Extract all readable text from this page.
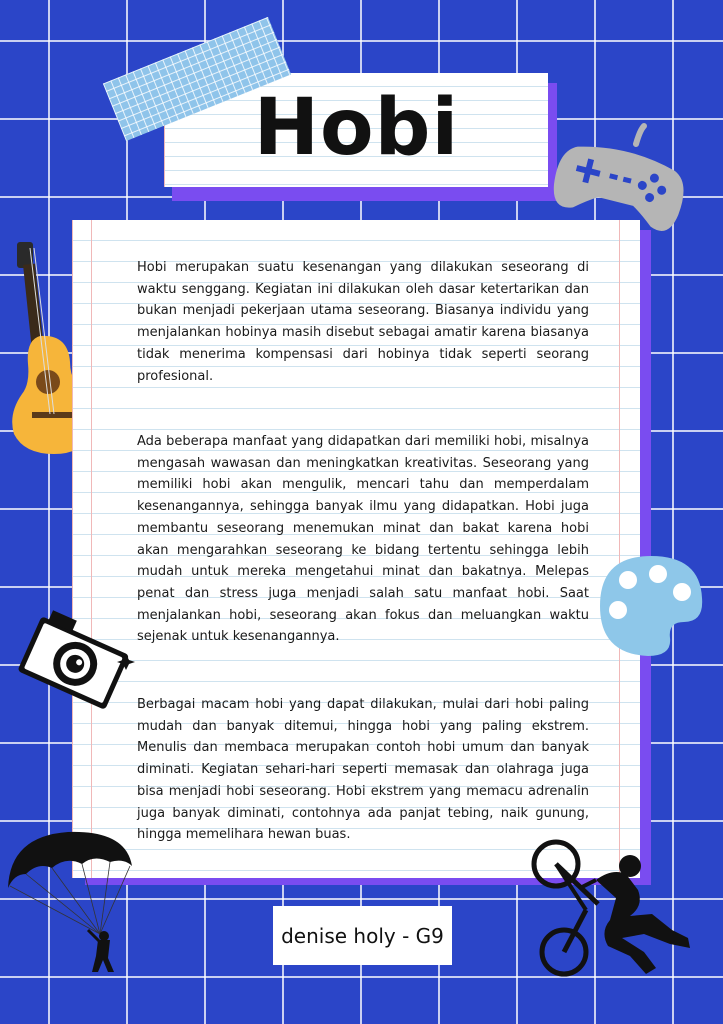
Hobi

Hobi merupakan suatu kesenangan yang dilakukan seseorang di waktu senggang. Kegiatan ini dilakukan oleh dasar ketertarikan dan bukan menjadi pekerjaan utama seseorang. Biasanya individu yang menjalankan hobinya masih disebut sebagai amatir karena biasanya tidak menerima kompensasi dari hobinya tidak seperti seorang profesional.

Ada beberapa manfaat yang didapatkan dari memiliki hobi, misalnya mengasah wawasan dan meningkatkan kreativitas. Seseorang yang memiliki hobi akan mengulik, mencari tahu dan memperdalam kesenangannya, sehingga banyak ilmu yang didapatkan. Hobi juga membantu seseorang menemukan minat dan bakat karena hobi akan mengarahkan seseorang ke bidang tertentu sehingga lebih mudah untuk mereka mengetahui minat dan bakatnya. Melepas penat dan stress juga menjadi salah satu manfaat hobi. Saat menjalankan hobi, seseorang akan fokus dan meluangkan waktu sejenak untuk kesenangannya.

Berbagai macam hobi yang dapat dilakukan, mulai dari hobi paling mudah dan banyak ditemui, hingga hobi yang paling ekstrem. Menulis dan membaca merupakan contoh hobi umum dan banyak diminati. Kegiatan sehari-hari seperti memasak dan olahraga juga bisa menjadi hobi seseorang. Hobi ekstrem yang memacu adrenalin juga banyak diminati, contohnya ada panjat tebing, naik gunung, hingga memelihara hewan buas.

denise holy - G9
